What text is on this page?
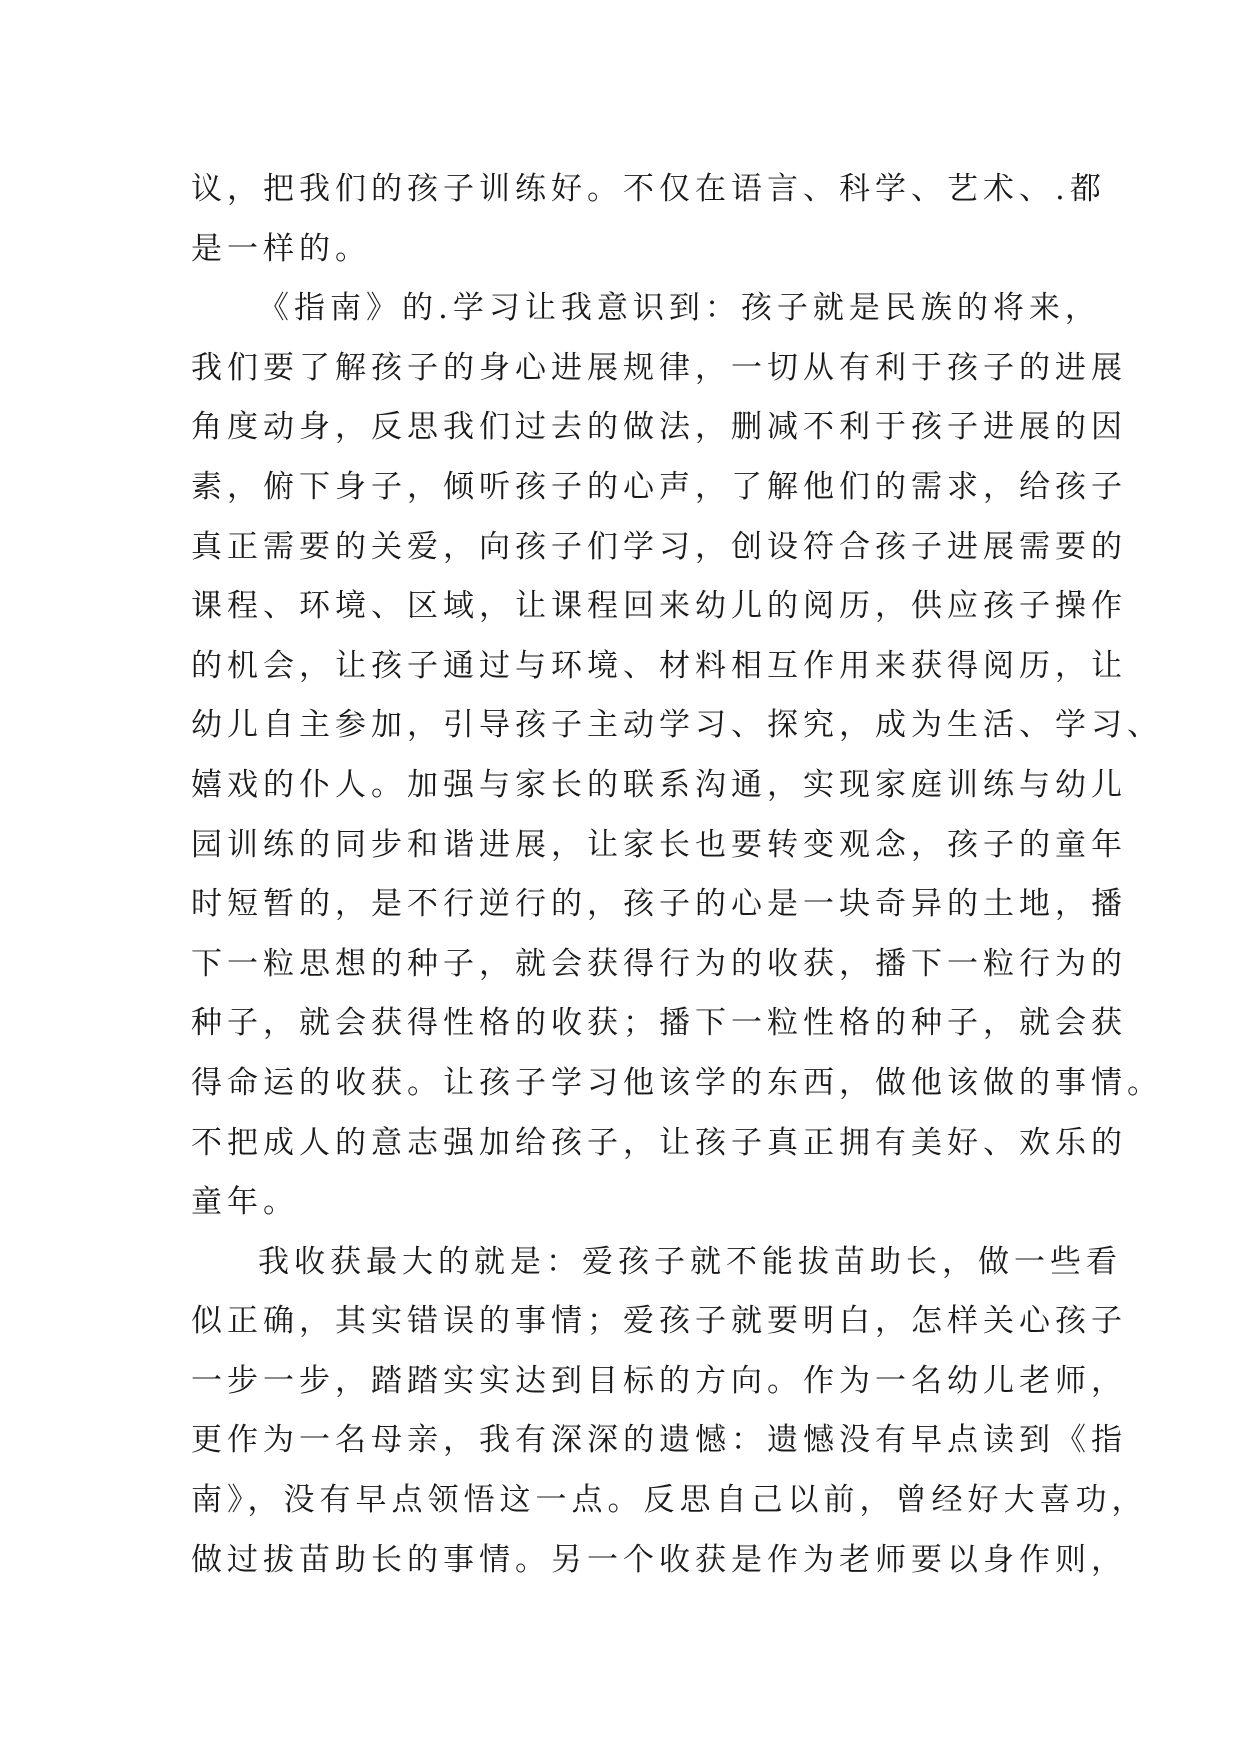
议，把我们的孩子训练好。不仅在语言、科学、艺术、.都
是一样的。
《指南》的.学习让我意识到：孩子就是民族的将来，
我们要了解孩子的身心进展规律，一切从有利于孩子的进展
角度动身，反思我们过去的做法，删减不利于孩子进展的因
素，俯下身子，倾听孩子的心声，了解他们的需求，给孩子
真正需要的关爱，向孩子们学习，创设符合孩子进展需要的
课程、环境、区域，让课程回来幼儿的阅历，供应孩子操作
的机会，让孩子通过与环境、材料相互作用来获得阅历，让
幼儿自主参加，引导孩子主动学习、探究，成为生活、学习、
嬉戏的仆人。加强与家长的联系沟通，实现家庭训练与幼儿
园训练的同步和谐进展，让家长也要转变观念，孩子的童年
时短暂的，是不行逆行的，孩子的心是一块奇异的土地，播
下一粒思想的种子，就会获得行为的收获，播下一粒行为的
种子，就会获得性格的收获；播下一粒性格的种子，就会获
得命运的收获。让孩子学习他该学的东西，做他该做的事情。
不把成人的意志强加给孩子，让孩子真正拥有美好、欢乐的
童年。
我收获最大的就是：爱孩子就不能拔苗助长，做一些看
似正确，其实错误的事情；爱孩子就要明白，怎样关心孩子
一步一步，踏踏实实达到目标的方向。作为一名幼儿老师，
更作为一名母亲，我有深深的遗憾：遗憾没有早点读到《指
南》，没有早点领悟这一点。反思自己以前，曾经好大喜功，
做过拔苗助长的事情。另一个收获是作为老师要以身作则，
